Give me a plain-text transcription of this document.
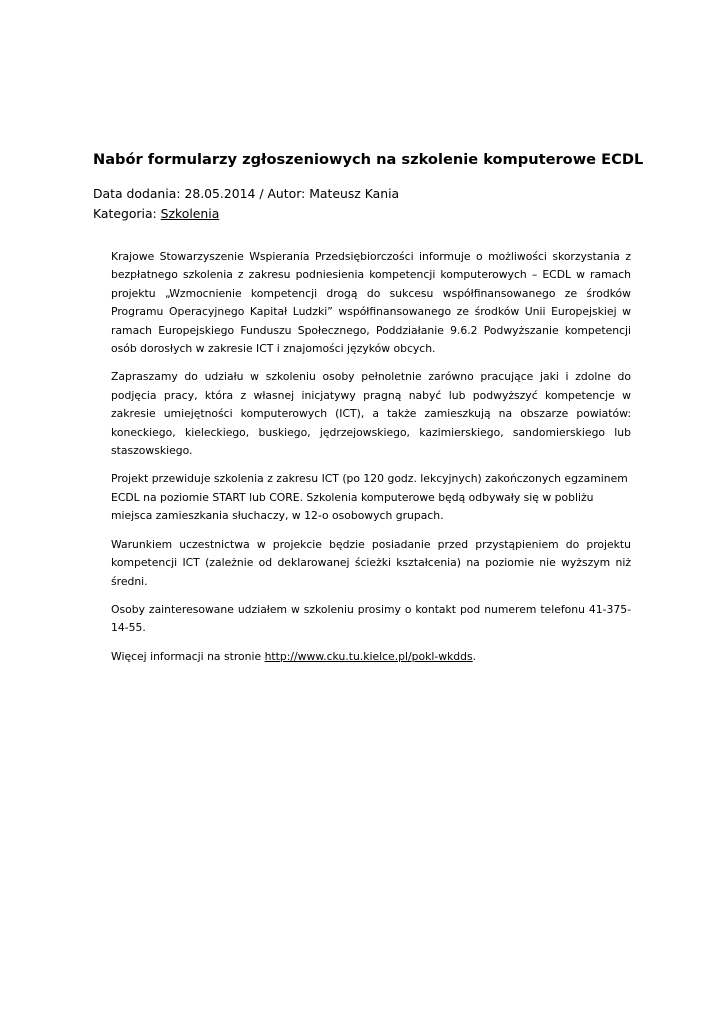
Nabór formularzy zgłoszeniowych na szkolenie komputerowe ECDL
Data dodania: 28.05.2014 / Autor: Mateusz Kania
Kategoria: Szkolenia

Krajowe Stowarzyszenie Wspierania Przedsiębiorczości informuje o możliwości skorzystania z bezpłatnego szkolenia z zakresu podniesienia kompetencji komputerowych – ECDL w ramach projektu „Wzmocnienie kompetencji drogą do sukcesu współfinansowanego ze środków Programu Operacyjnego Kapitał Ludzki” współfinansowanego ze środków Unii Europejskiej w ramach Europejskiego Funduszu Społecznego, Poddziałanie 9.6.2 Podwyższanie kompetencji osób dorosłych w zakresie ICT i znajomości języków obcych.

Zapraszamy do udziału w szkoleniu osoby pełnoletnie zarówno pracujące jaki i zdolne do podjęcia pracy, która z własnej inicjatywy pragną nabyć lub podwyższyć kompetencje w zakresie umiejętności komputerowych (ICT), a także zamieszkują na obszarze powiatów: koneckiego, kieleckiego, buskiego, jędrzejowskiego, kazimierskiego, sandomierskiego lub staszowskiego.

Projekt przewiduje szkolenia z zakresu ICT (po 120 godz. lekcyjnych) zakończonych egzaminem ECDL na poziomie START lub CORE. Szkolenia komputerowe będą odbywały się w pobliżu miejsca zamieszkania słuchaczy, w 12-o osobowych grupach.

Warunkiem uczestnictwa w projekcie będzie posiadanie przed przystąpieniem do projektu kompetencji ICT (zależnie od deklarowanej ścieżki kształcenia) na poziomie nie wyższym niż średni.

Osoby zainteresowane udziałem w szkoleniu prosimy o kontakt pod numerem telefonu 41-375-14-55.

Więcej informacji na stronie http://www.cku.tu.kielce.pl/pokl-wkdds.
